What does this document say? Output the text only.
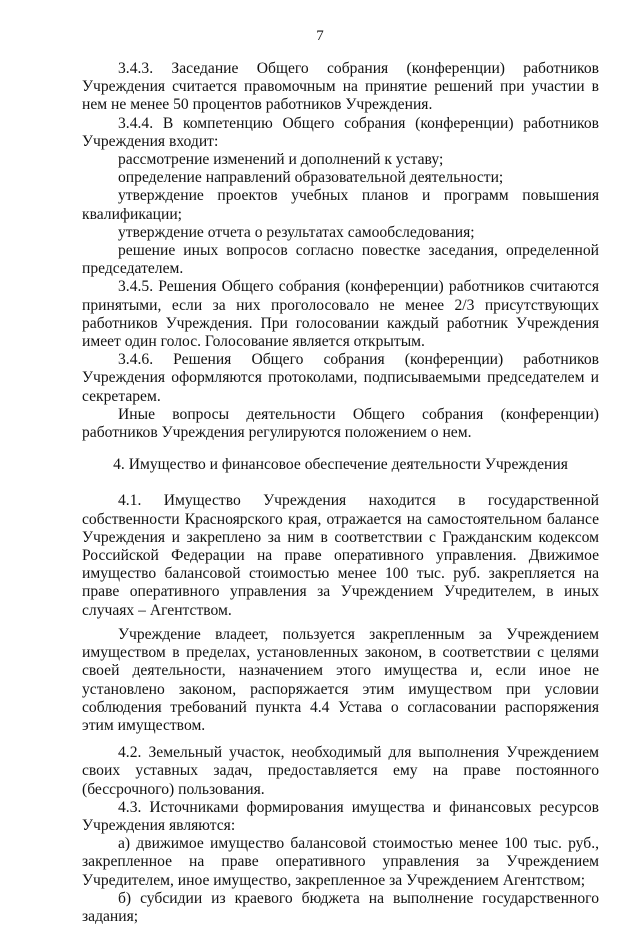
7

3.4.3. Заседание Общего собрания (конференции) работников Учреждения считается правомочным на принятие решений при участии в нем не менее 50 процентов работников Учреждения.

3.4.4. В компетенцию Общего собрания (конференции) работников Учреждения входит:

рассмотрение изменений и дополнений к уставу;

определение направлений образовательной деятельности;

утверждение проектов учебных планов и программ повышения квалификации;

утверждение отчета о результатах самообследования;

решение иных вопросов согласно повестке заседания, определенной председателем.

3.4.5. Решения Общего собрания (конференции) работников считаются принятыми, если за них проголосовало не менее 2/3 присутствующих работников Учреждения. При голосовании каждый работник Учреждения имеет один голос. Голосование является открытым.

3.4.6. Решения Общего собрания (конференции) работников Учреждения оформляются протоколами, подписываемыми председателем и секретарем.

Иные вопросы деятельности Общего собрания (конференции) работников Учреждения регулируются положением о нем.

4. Имущество и финансовое обеспечение деятельности Учреждения

4.1. Имущество Учреждения находится в государственной собственности Красноярского края, отражается на самостоятельном балансе Учреждения и закреплено за ним в соответствии с Гражданским кодексом Российской Федерации на праве оперативного управления. Движимое имущество балансовой стоимостью менее 100 тыс. руб. закрепляется на праве оперативного управления за Учреждением Учредителем, в иных случаях – Агентством.

Учреждение владеет, пользуется закрепленным за Учреждением имуществом в пределах, установленных законом, в соответствии с целями своей деятельности, назначением этого имущества и, если иное не установлено законом, распоряжается этим имуществом при условии соблюдения требований пункта 4.4 Устава о согласовании распоряжения этим имуществом.

4.2. Земельный участок, необходимый для выполнения Учреждением своих уставных задач, предоставляется ему на праве постоянного (бессрочного) пользования.

4.3. Источниками формирования имущества и финансовых ресурсов Учреждения являются:

а) движимое имущество балансовой стоимостью менее 100 тыс. руб., закрепленное на праве оперативного управления за Учреждением Учредителем, иное имущество, закрепленное за Учреждением Агентством;

б) субсидии из краевого бюджета на выполнение государственного задания;
